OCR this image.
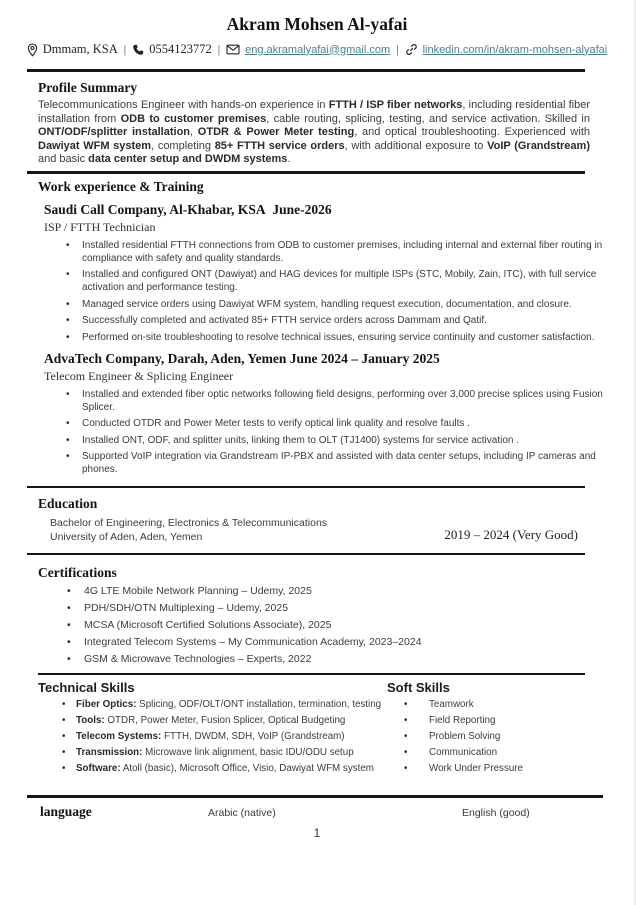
Akram Mohsen Al-yafai
Dmmam, KSA | 0554123772 | eng.akramalyafai@gmail.com | linkedin.com/in/akram-mohsen-alyafai
Profile Summary

Telecommunications Engineer with hands-on experience in FTTH / ISP fiber networks, including residential fiber installation from ODB to customer premises, cable routing, splicing, testing, and service activation. Skilled in ONT/ODF/splitter installation, OTDR & Power Meter testing, and optical troubleshooting. Experienced with Dawiyat WFM system, completing 85+ FTTH service orders, with additional exposure to VoIP (Grandstream) and basic data center setup and DWDM systems.

Work experience & Training
Saudi Call Company, Al-Khabar, KSA  June-2026
ISP / FTTH Technician
• Installed residential FTTH connections from ODB to customer premises, including internal and external fiber routing in compliance with safety and quality standards.
• Installed and configured ONT (Dawiyat) and HAG devices for multiple ISPs (STC, Mobily, Zain, ITC), with full service activation and performance testing.
• Managed service orders using Dawiyat WFM system, handling request execution, documentation, and closure.
• Successfully completed and activated 85+ FTTH service orders across Dammam and Qatif.
• Performed on-site troubleshooting to resolve technical issues, ensuring service continuity and customer satisfaction.
AdvaTech Company, Darah, Aden, Yemen June 2024 – January 2025
Telecom Engineer & Splicing Engineer
• Installed and extended fiber optic networks following field designs, performing over 3,000 precise splices using Fusion Splicer.
• Conducted OTDR and Power Meter tests to verify optical link quality and resolve faults .
• Installed ONT, ODF, and splitter units, linking them to OLT (TJ1400) systems for service activation .
• Supported VoIP integration via Grandstream IP-PBX and assisted with data center setups, including IP cameras and phones.
Education
Bachelor of Engineering, Electronics & Telecommunications
University of Aden, Aden, Yemen	2019 – 2024 (Very Good)
Certifications
• 4G LTE Mobile Network Planning – Udemy, 2025
• PDH/SDH/OTN Multiplexing – Udemy, 2025
• MCSA (Microsoft Certified Solutions Associate), 2025
• Integrated Telecom Systems – My Communication Academy, 2023–2024
• GSM & Microwave Technologies – Experts, 2022
Technical Skills
• Fiber Optics: Splicing, ODF/OLT/ONT installation, termination, testing
• Tools: OTDR, Power Meter, Fusion Splicer, Optical Budgeting
• Telecom Systems: FTTH, DWDM, SDH, VoIP (Grandstream)
• Transmission: Microwave link alignment, basic IDU/ODU setup
• Software: Atoll (basic), Microsoft Office, Visio, Dawiyat WFM system
Soft Skills
• Teamwork
• Field Reporting
• Problem Solving
• Communication
• Work Under Pressure
language	Arabic (native)	English (good)
1
